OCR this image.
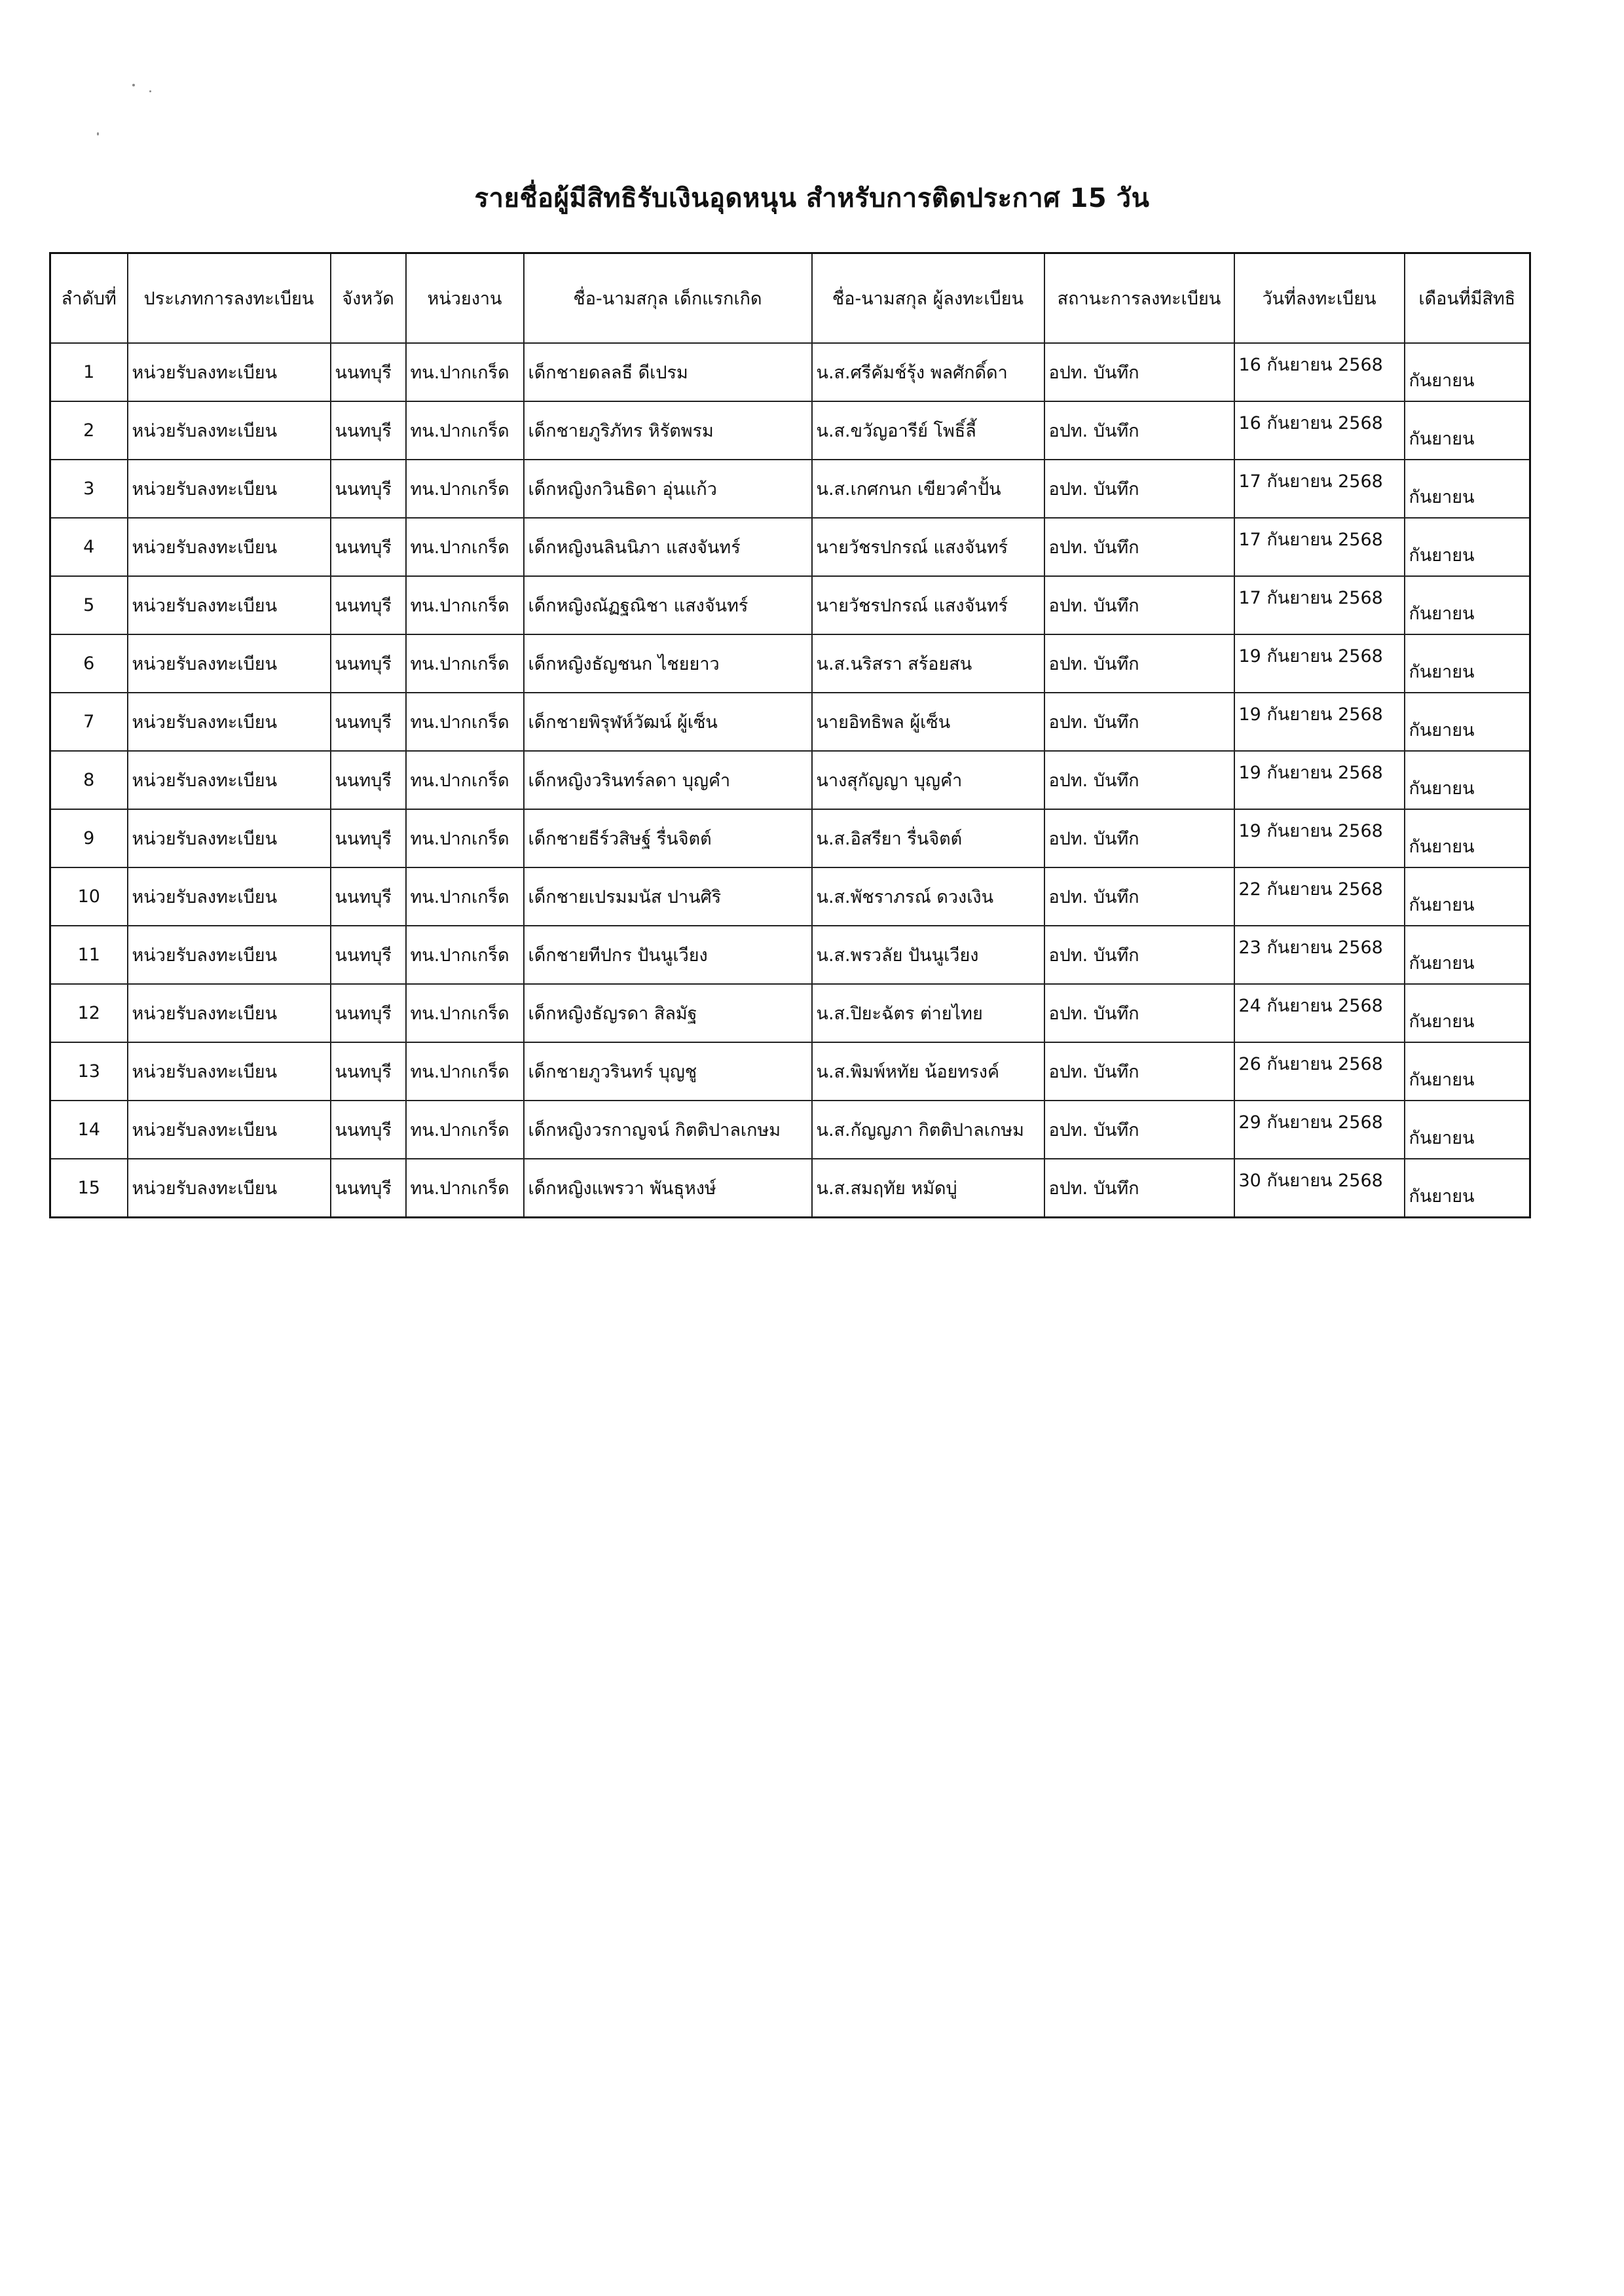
รายชื่อผู้มีสิทธิรับเงินอุดหนุน สำหรับการติดประกาศ 15 วัน
ลำดับที่	ประเภทการลงทะเบียน	จังหวัด	หน่วยงาน	ชื่อ-นามสกุล เด็กแรกเกิด	ชื่อ-นามสกุล ผู้ลงทะเบียน	สถานะการลงทะเบียน	วันที่ลงทะเบียน	เดือนที่มีสิทธิ
1	หน่วยรับลงทะเบียน	นนทบุรี	ทน.ปากเกร็ด	เด็กชายดลลธี ดีเปรม	น.ส.ศรีคัมช์รุ้ง พลศักดิ์ดา	อปท. บันทึก	16 กันยายน 2568	กันยายน
2	หน่วยรับลงทะเบียน	นนทบุรี	ทน.ปากเกร็ด	เด็กชายภูริภัทร หิรัตพรม	น.ส.ขวัญอารีย์ โพธิ์ลี้	อปท. บันทึก	16 กันยายน 2568	กันยายน
3	หน่วยรับลงทะเบียน	นนทบุรี	ทน.ปากเกร็ด	เด็กหญิงกวินธิดา อุ่นแก้ว	น.ส.เกศกนก เขียวคำปั้น	อปท. บันทึก	17 กันยายน 2568	กันยายน
4	หน่วยรับลงทะเบียน	นนทบุรี	ทน.ปากเกร็ด	เด็กหญิงนลินนิภา แสงจันทร์	นายวัชรปกรณ์ แสงจันทร์	อปท. บันทึก	17 กันยายน 2568	กันยายน
5	หน่วยรับลงทะเบียน	นนทบุรี	ทน.ปากเกร็ด	เด็กหญิงณัฏฐณิชา แสงจันทร์	นายวัชรปกรณ์ แสงจันทร์	อปท. บันทึก	17 กันยายน 2568	กันยายน
6	หน่วยรับลงทะเบียน	นนทบุรี	ทน.ปากเกร็ด	เด็กหญิงธัญชนก ไชยยาว	น.ส.นริสรา สร้อยสน	อปท. บันทึก	19 กันยายน 2568	กันยายน
7	หน่วยรับลงทะเบียน	นนทบุรี	ทน.ปากเกร็ด	เด็กชายพิรุฬห์วัฒน์ ผู้เซ็น	นายอิทธิพล ผู้เซ็น	อปท. บันทึก	19 กันยายน 2568	กันยายน
8	หน่วยรับลงทะเบียน	นนทบุรี	ทน.ปากเกร็ด	เด็กหญิงวรินทร์ลดา บุญคำ	นางสุกัญญา บุญคำ	อปท. บันทึก	19 กันยายน 2568	กันยายน
9	หน่วยรับลงทะเบียน	นนทบุรี	ทน.ปากเกร็ด	เด็กชายธีร์วสิษฐ์ รื่นจิตต์	น.ส.อิสรียา รื่นจิตต์	อปท. บันทึก	19 กันยายน 2568	กันยายน
10	หน่วยรับลงทะเบียน	นนทบุรี	ทน.ปากเกร็ด	เด็กชายเปรมมนัส ปานศิริ	น.ส.พัชราภรณ์ ดวงเงิน	อปท. บันทึก	22 กันยายน 2568	กันยายน
11	หน่วยรับลงทะเบียน	นนทบุรี	ทน.ปากเกร็ด	เด็กชายทีปกร ปันนูเวียง	น.ส.พรวลัย ปันนูเวียง	อปท. บันทึก	23 กันยายน 2568	กันยายน
12	หน่วยรับลงทะเบียน	นนทบุรี	ทน.ปากเกร็ด	เด็กหญิงธัญรดา สิลมัฐ	น.ส.ปิยะฉัตร ต่ายไทย	อปท. บันทึก	24 กันยายน 2568	กันยายน
13	หน่วยรับลงทะเบียน	นนทบุรี	ทน.ปากเกร็ด	เด็กชายภูวรินทร์ บุญชู	น.ส.พิมพ์หทัย น้อยทรงค์	อปท. บันทึก	26 กันยายน 2568	กันยายน
14	หน่วยรับลงทะเบียน	นนทบุรี	ทน.ปากเกร็ด	เด็กหญิงวรกาญจน์ กิตติปาลเกษม	น.ส.กัญญภา กิตติปาลเกษม	อปท. บันทึก	29 กันยายน 2568	กันยายน
15	หน่วยรับลงทะเบียน	นนทบุรี	ทน.ปากเกร็ด	เด็กหญิงแพรวา พันธุหงษ์	น.ส.สมฤทัย หมัดบู่	อปท. บันทึก	30 กันยายน 2568	กันยายน
